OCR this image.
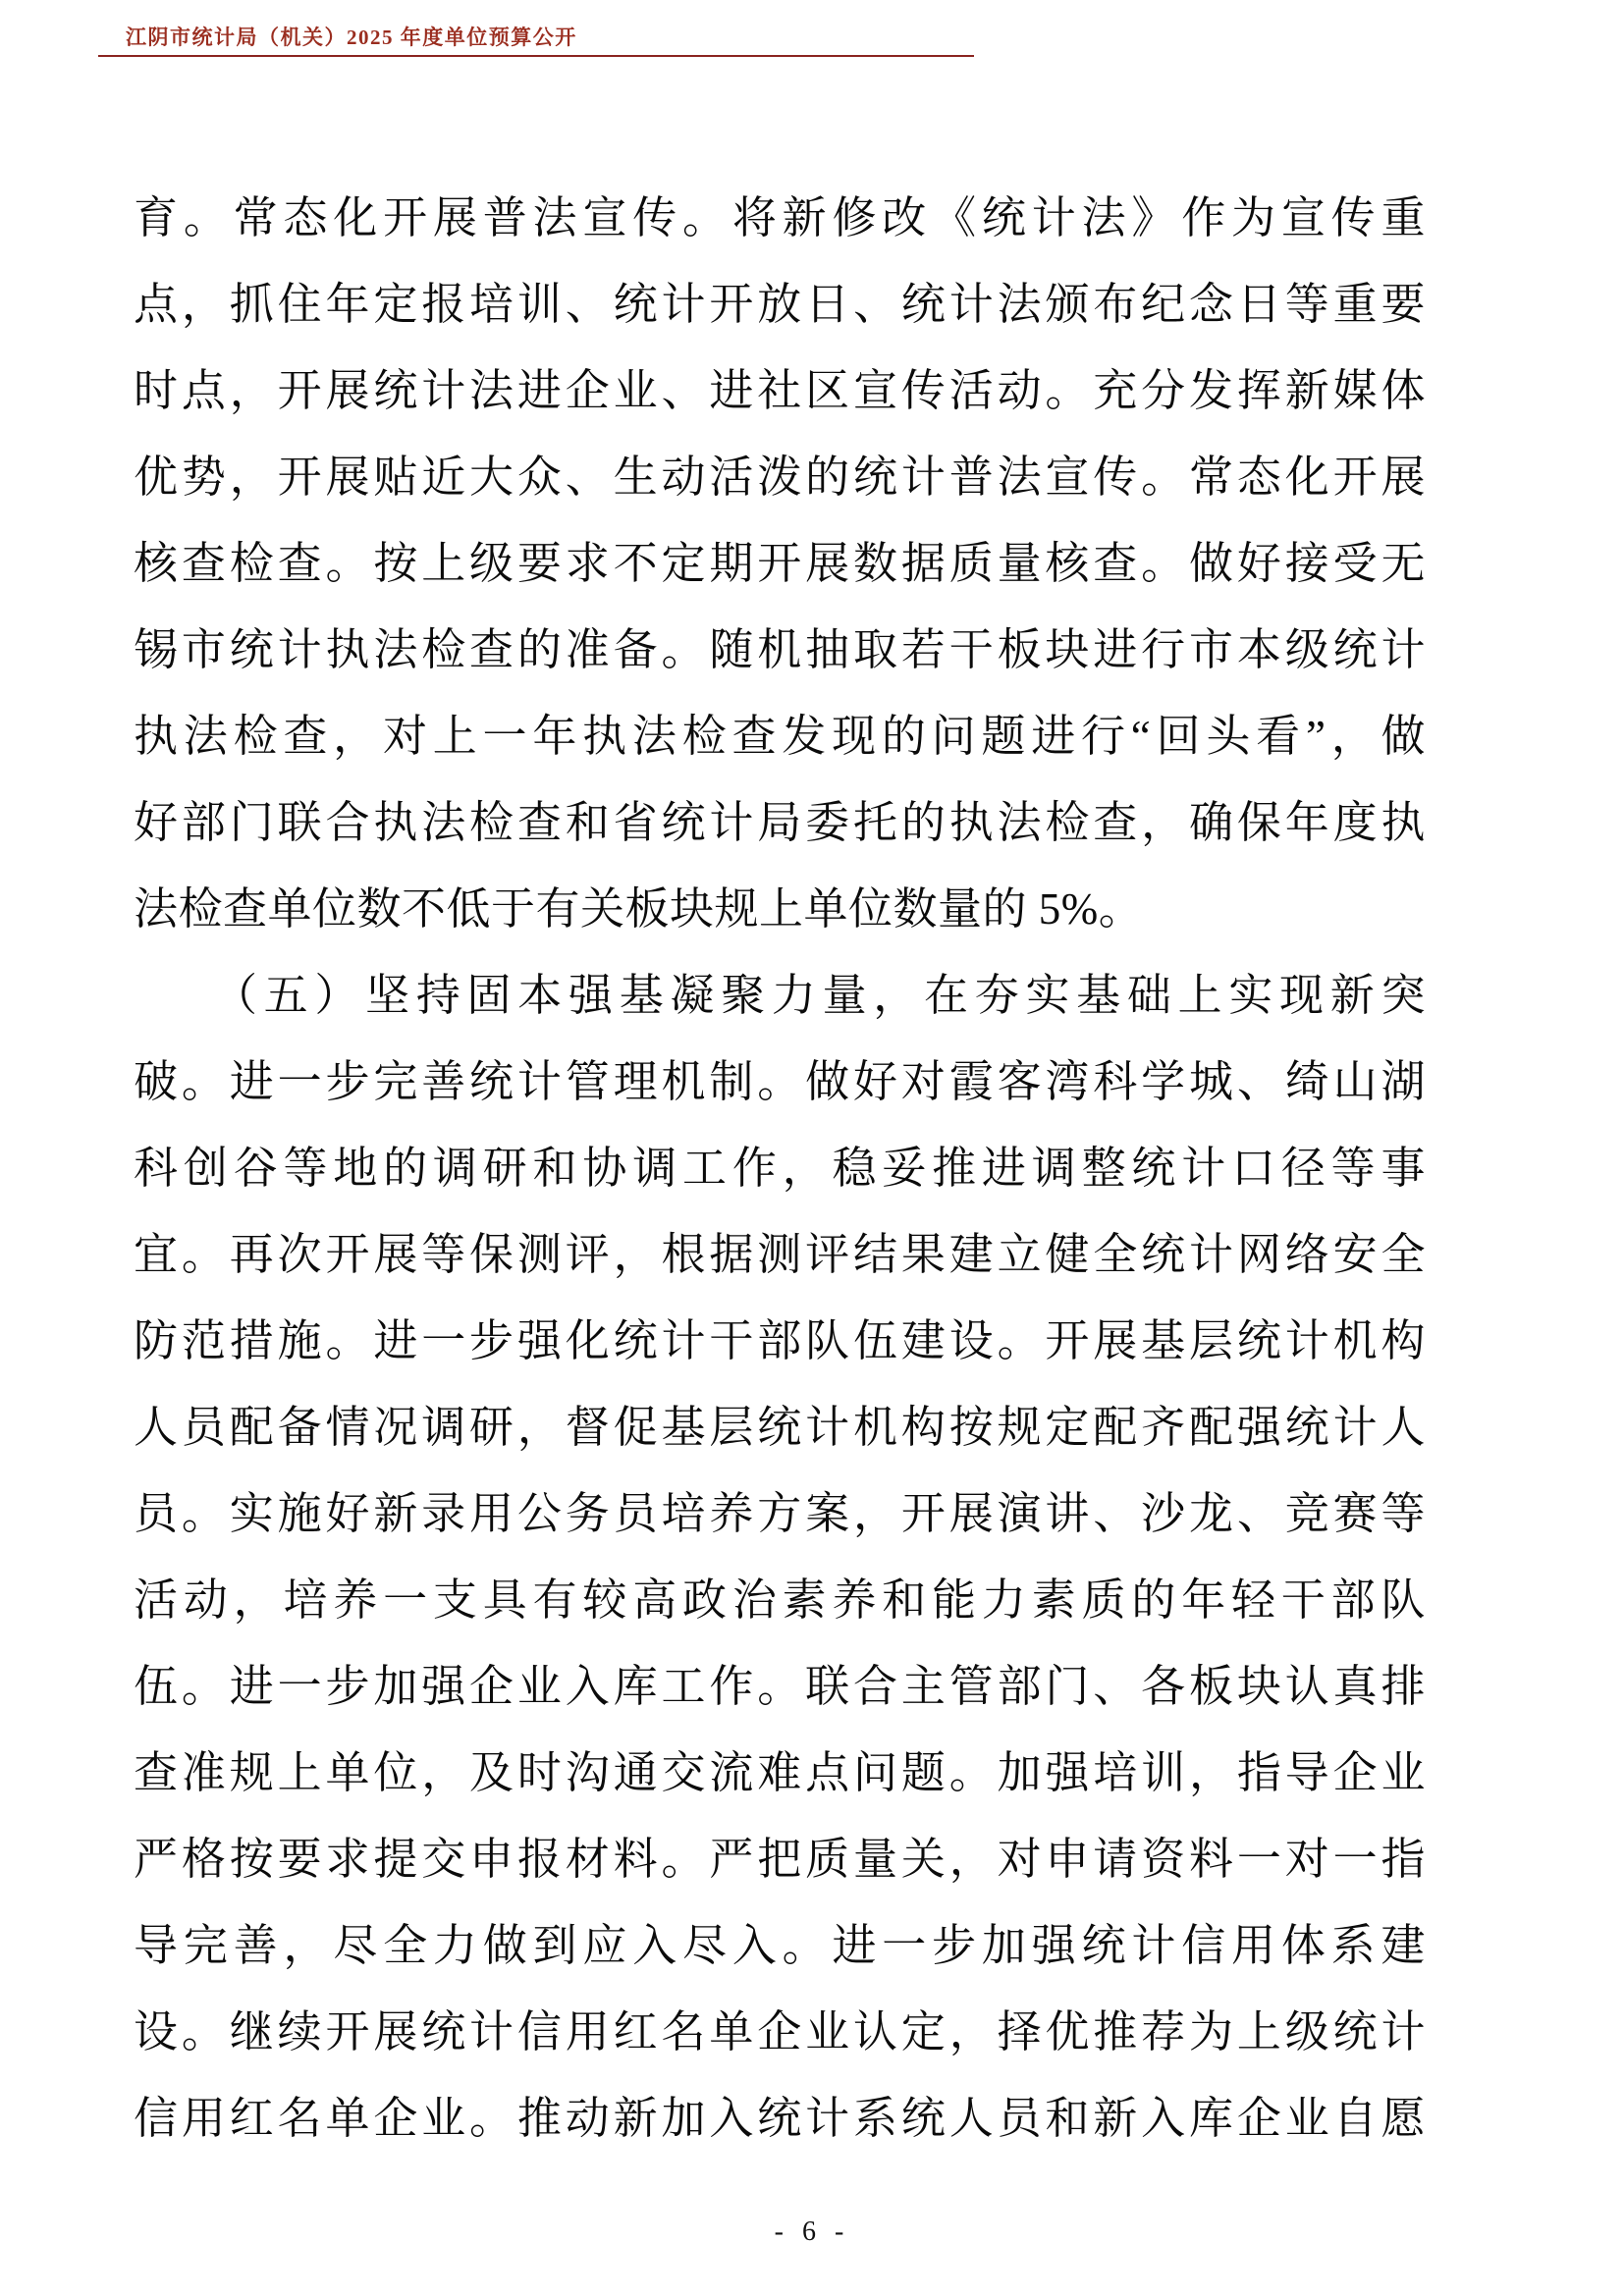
江阴市统计局（机关）2025 年度单位预算公开
育。常态化开展普法宣传。将新修改《统计法》作为宣传重
点，抓住年定报培训、统计开放日、统计法颁布纪念日等重要
时点，开展统计法进企业、进社区宣传活动。充分发挥新媒体
优势，开展贴近大众、生动活泼的统计普法宣传。常态化开展
核查检查。按上级要求不定期开展数据质量核查。做好接受无
锡市统计执法检查的准备。随机抽取若干板块进行市本级统计
执法检查，对上一年执法检查发现的问题进行“回头看”，做
好部门联合执法检查和省统计局委托的执法检查，确保年度执
法检查单位数不低于有关板块规上单位数量的 5%。
　　（五）坚持固本强基凝聚力量，在夯实基础上实现新突
破。进一步完善统计管理机制。做好对霞客湾科学城、绮山湖
科创谷等地的调研和协调工作，稳妥推进调整统计口径等事
宜。再次开展等保测评，根据测评结果建立健全统计网络安全
防范措施。进一步强化统计干部队伍建设。开展基层统计机构
人员配备情况调研，督促基层统计机构按规定配齐配强统计人
员。实施好新录用公务员培养方案，开展演讲、沙龙、竞赛等
活动，培养一支具有较高政治素养和能力素质的年轻干部队
伍。进一步加强企业入库工作。联合主管部门、各板块认真排
查准规上单位，及时沟通交流难点问题。加强培训，指导企业
严格按要求提交申报材料。严把质量关，对申请资料一对一指
导完善，尽全力做到应入尽入。进一步加强统计信用体系建
设。继续开展统计信用红名单企业认定，择优推荐为上级统计
信用红名单企业。推动新加入统计系统人员和新入库企业自愿
- 6 -
